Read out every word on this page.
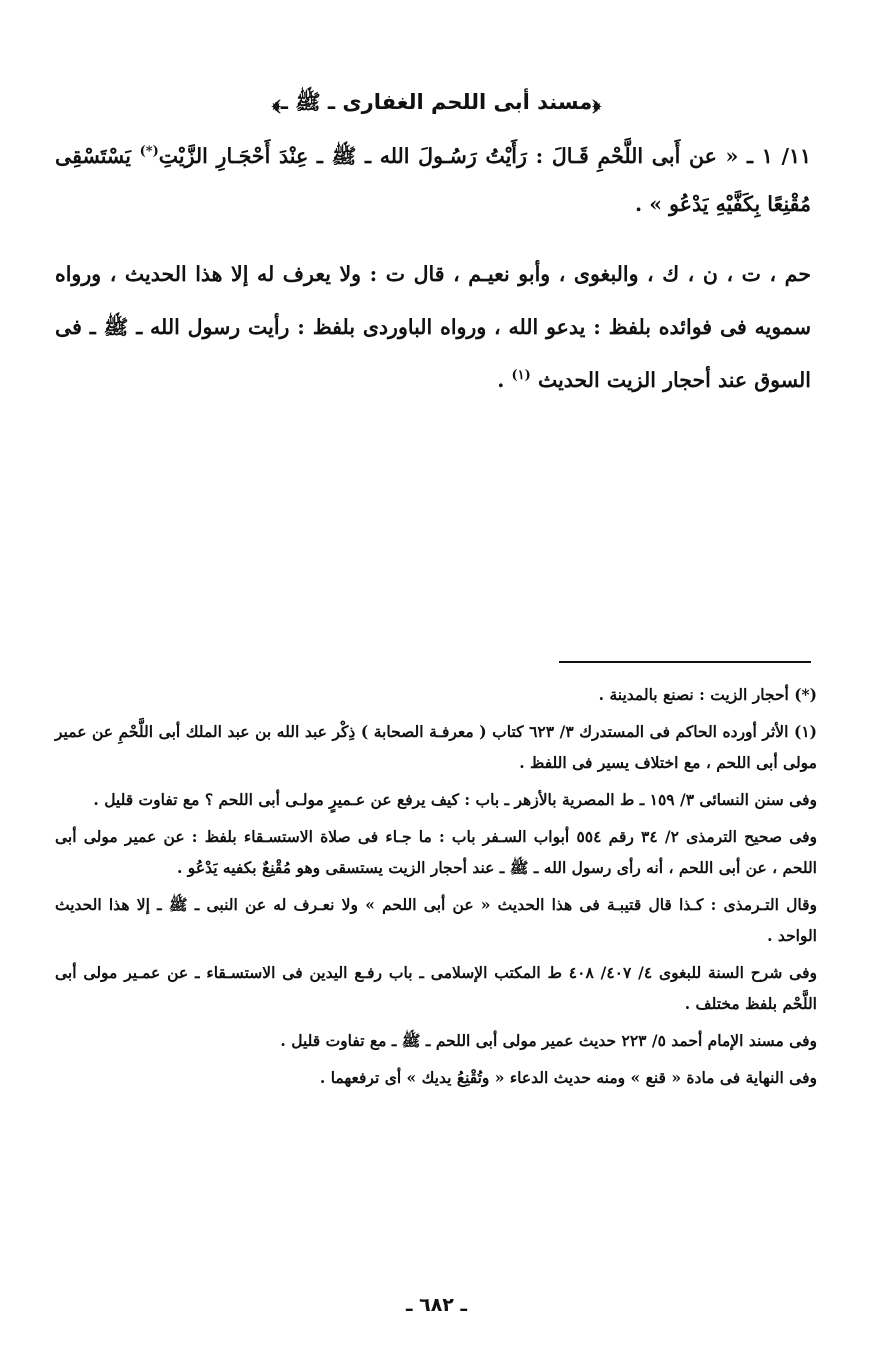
﴿مسند أبى اللحم الغفارى ـ ﷺ ـ﴾

١١/ ١ ـ « عن أَبى اللَّحْمِ قَـالَ : رَأَيْتُ رَسُـولَ الله ـ ﷺ ـ عِنْدَ أَحْجَـارِ الزَّيْتِ(*) يَسْتَسْقِى مُقْنِعًا بِكَفَّيْهِ يَدْعُو » .

حم ، ت ، ن ، ك ، والبغوى ، وأبو نعيـم ، قال ت : ولا يعرف له إلا هذا الحديث ، ورواه سمويه فى فوائده بلفظ : يدعو الله ، ورواه الباوردى بلفظ : رأيت رسول الله ـ ﷺ ـ فى السوق عند أحجار الزيت الحديث $^{(١)}$ .

(*) أحجار الزيت : نصنع بالمدينة .

(١) الأثر أورده الحاكم فى المستدرك ٣/ ٦٢٣ كتاب ( معرفـة الصحابة ) ذِكْر عبد الله بن عبد الملك أبى اللَّحْمِ عن عمير مولى أبى اللحم ، مع اختلاف يسير فى اللفظ .

وفى سنن النسائى ٣/ ١٥٩ ـ ط المصرية بالأزهر ـ باب : كيف يرفع عن عـميرٍ مولـى أبى اللحم ؟ مع تفاوت قليل .

وفى صحيح الترمذى ٢/ ٣٤ رقم ٥٥٤ أبواب السـفر باب : ما جـاء فى صلاة الاستسـقاء بلفظ : عن عمير مولى أبى اللحم ، عن أبى اللحم ، أنه رأى رسول الله ـ ﷺ ـ عند أحجار الزيت يستسقى وهو مُقْنِعٌ بكفيه يَدْعُو .

وقال التـرمذى : كـذا قال قتيبـة فى هذا الحديث « عن أبى اللحم » ولا نعـرف له عن النبى ـ ﷺ ـ إلا هذا الحديث الواحد .

وفى شرح السنة للبغوى ٤/ ٤٠٧/ ٤٠٨ ط المكتب الإسلامى ـ باب رفـع اليدين فى الاستسـقاء ـ عن عمـير مولى أبى اللَّحْم بلفظ مختلف .

وفى مسند الإمام أحمد ٥/ ٢٢٣ حديث عمير مولى أبى اللحم ـ ﷺ ـ مع تفاوت قليل .

وفى النهاية فى مادة « قنع » ومنه حديث الدعاء « وتُقْنِعُ يديك » أى ترفعهما .

ـ ٦٨٢ ـ
